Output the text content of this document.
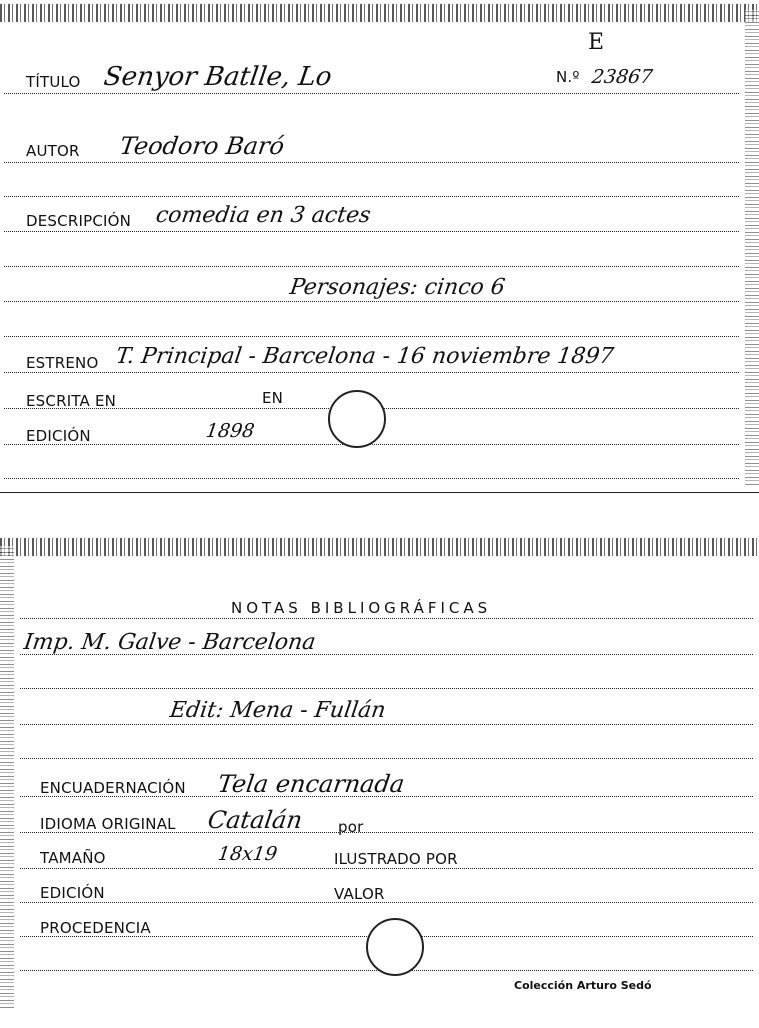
E
TÍTULO Senyor Batlle, Lo	N.º 23867
AUTOR Teodoro Baró
DESCRIPCIÓN comedia en 3 actes
Personajes: cinco 6
ESTRENO T. Principal - Barcelona - 16 noviembre 1897
ESCRITA EN	EN
EDICIÓN	1898
NOTAS BIBLIOGRÁFICAS
Imp. M. Galve - Barcelona
Edit: Mena - Fullán
ENCUADERNACIÓN Tela encarnada
IDIOMA ORIGINAL Catalán por
TAMAÑO	18x19	ILUSTRADO POR
EDICIÓN	VALOR
PROCEDENCIA
Colección Arturo Sedó
